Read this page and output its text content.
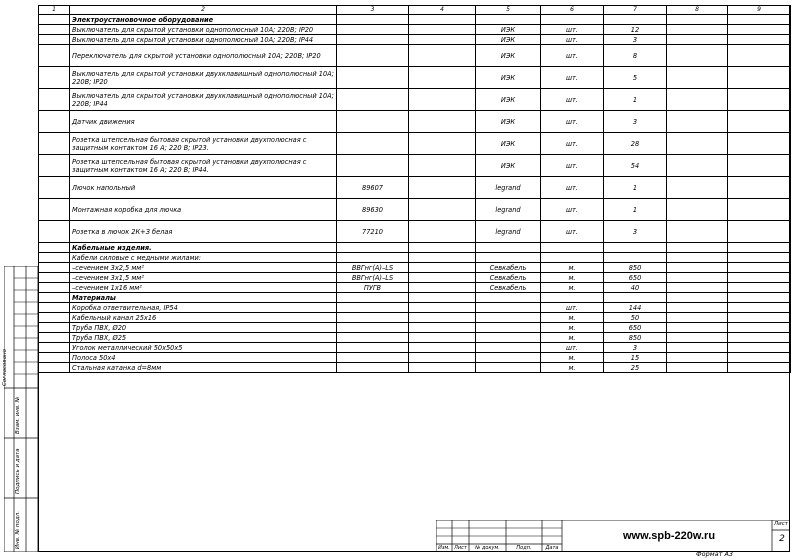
1	2	3	4	5	6	7	8	9
	Электроустановочное оборудование							
	Выключатель для скрытой установки однополюсный 10А; 220В; IP20			ИЭК	шт.	12		
	Выключатель для скрытой установки однополюсный 10А; 220В; IP44			ИЭК	шт.	3		
	Переключатель для скрытой установки однополюсный 10А; 220В; IP20			ИЭК	шт.	8		
	Выключатель для скрытой установки двухклавишный однополюсный 10А; 220В; IP20			ИЭК	шт.	5		
	Выключатель для скрытой установки двухклавишный однополюсный 10А; 220В; IP44			ИЭК	шт.	1		
	Датчик движения			ИЭК	шт.	3		
	Розетка штепсельная бытовая скрытой установки двухполюсная с защитным контактом 16 А; 220 В; IP23.			ИЭК	шт.	28		
	Розетка штепсельная бытовая скрытой установки двухполюсная с защитным контактом 16 А; 220 В; IP44.			ИЭК	шт.	54		
	Лючок напольный	89607		legrand	шт.	1		
	Монтажная коробка для лючка	89630		legrand	шт.	1		
	Розетка в лючок 2К+З белая	77210		legrand	шт.	3		
	Кабельные изделия.							
	Кабели силовые с медными жилами:							
	–сечением 3х2,5 мм²	ВВГнг(А)–LS		Севкабель	м.	850		
	–сечением 3х1,5 мм²	ВВГнг(А)–LS		Севкабель	м.	650		
	–сечением 1х16 мм²	ПУГВ		Севкабель	м.	40		
	Материалы							
	Коробка ответвительная, IP54				шт.	144		
	Кабельный канал 25х16				м.	50		
	Труба ПВХ, Ø20				м.	650		
	Труба ПВХ, Ø25				м.	850		
	Уголок металлический 50х50х5				шт.	3		
	Полоса 50х4				м.	15		
	Стальная катанка d=8мм				м.	25		
Согласовано
Взам. инв. №
Подпись и дата
Инв. № подл.	www.spb-220w.ru
Изм. Лист	№ докум.	Подп.	Дата
Лист
2
Формат А3
